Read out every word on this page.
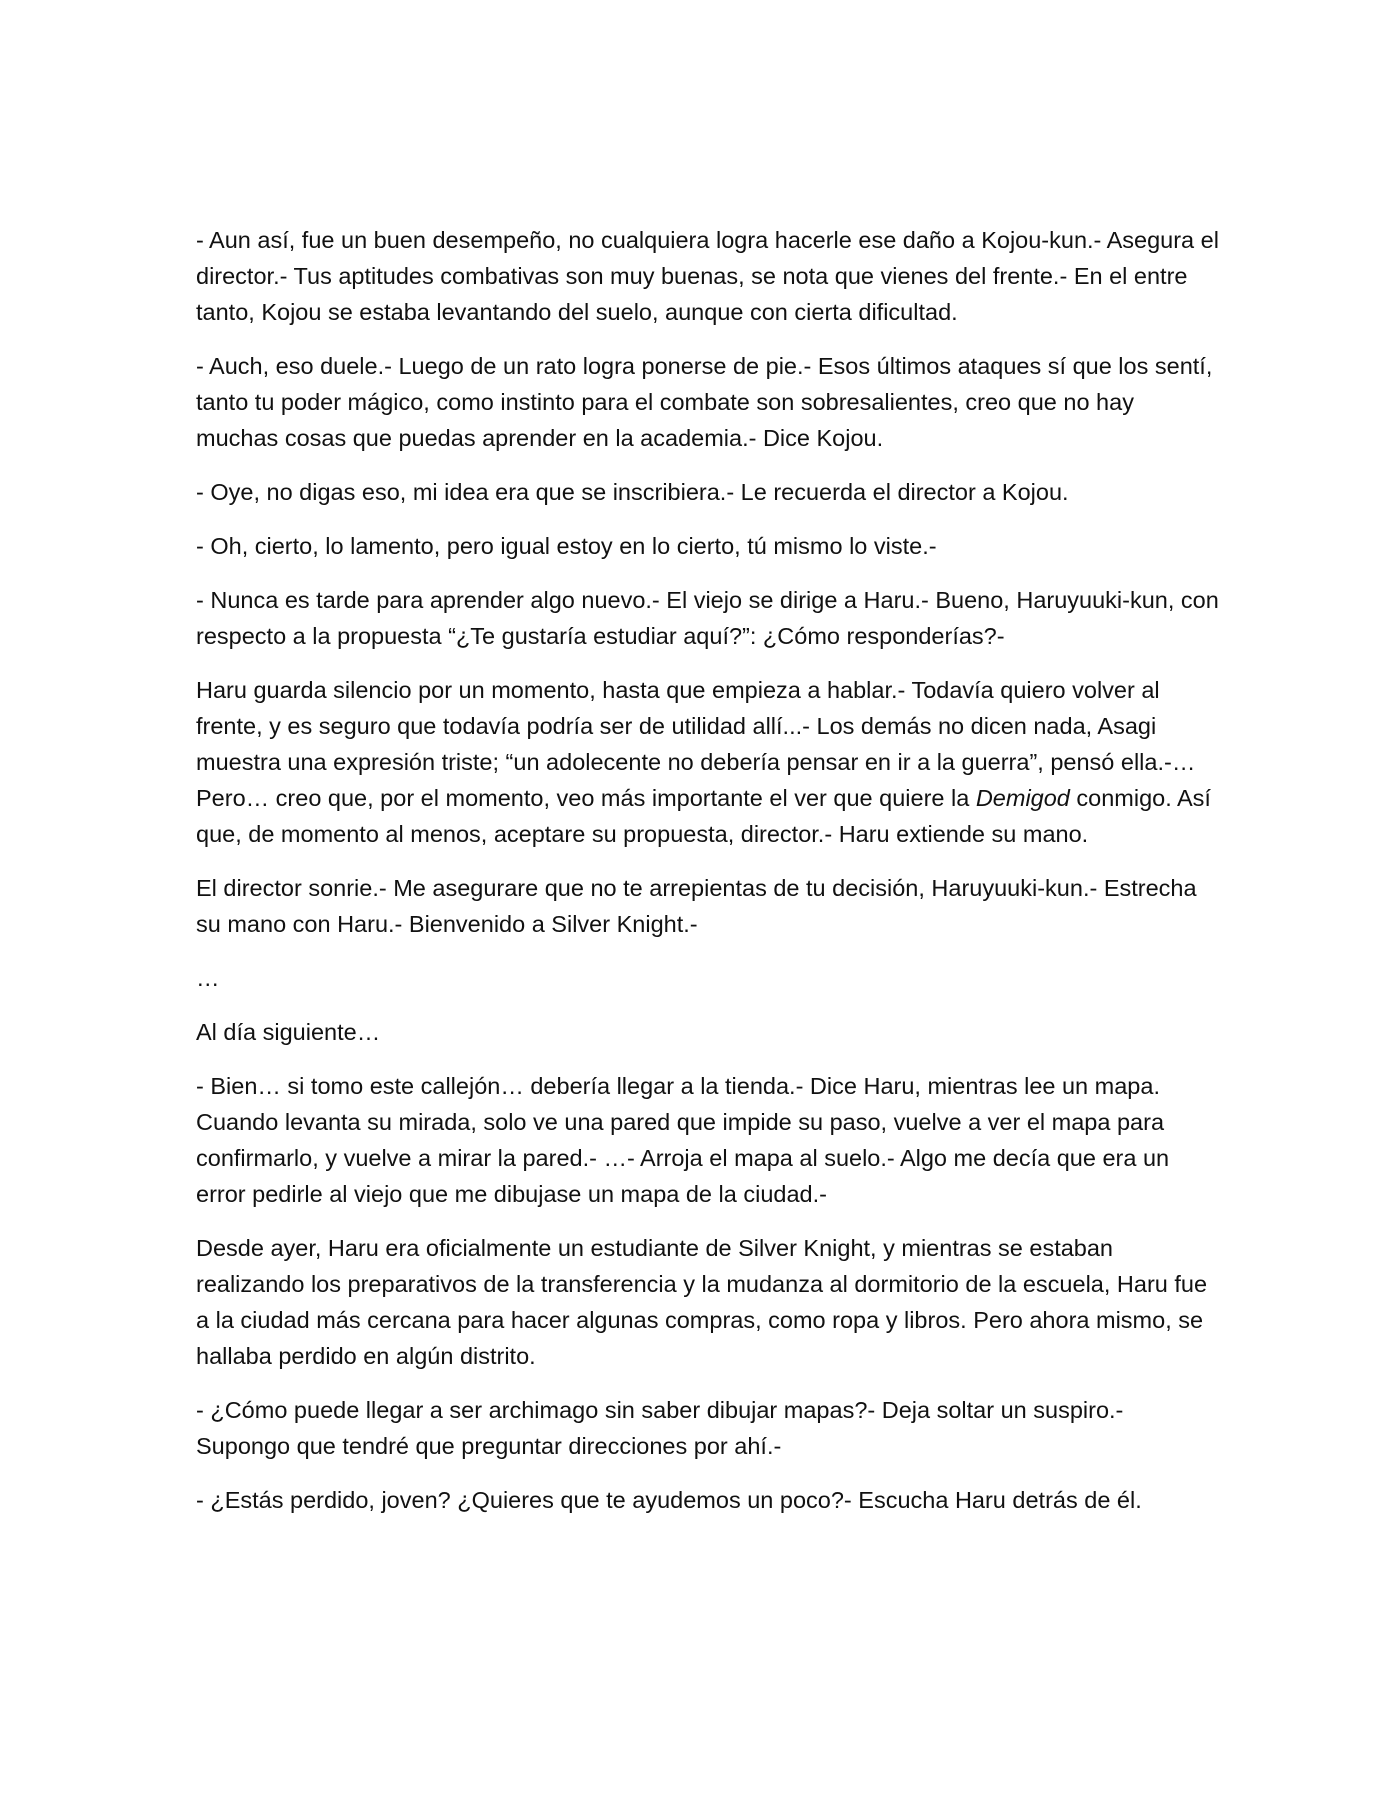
- Aun así, fue un buen desempeño, no cualquiera logra hacerle ese daño a Kojou-kun.- Asegura el director.- Tus aptitudes combativas son muy buenas, se nota que vienes del frente.- En el entre tanto, Kojou se estaba levantando del suelo, aunque con cierta dificultad.

- Auch, eso duele.- Luego de un rato logra ponerse de pie.- Esos últimos ataques sí que los sentí, tanto tu poder mágico, como instinto para el combate son sobresalientes, creo que no hay muchas cosas que puedas aprender en la academia.- Dice Kojou.

- Oye, no digas eso, mi idea era que se inscribiera.- Le recuerda el director a Kojou.

- Oh, cierto, lo lamento, pero igual estoy en lo cierto, tú mismo lo viste.-

- Nunca es tarde para aprender algo nuevo.- El viejo se dirige a Haru.- Bueno, Haruyuuki-kun, con respecto a la propuesta “¿Te gustaría estudiar aquí?”: ¿Cómo responderías?-

Haru guarda silencio por un momento, hasta que empieza a hablar.- Todavía quiero volver al frente, y es seguro que todavía podría ser de utilidad allí...- Los demás no dicen nada, Asagi muestra una expresión triste; “un adolecente no debería pensar en ir a la guerra”, pensó ella.-… Pero… creo que, por el momento, veo más importante el ver que quiere la Demigod conmigo. Así que, de momento al menos, aceptare su propuesta, director.- Haru extiende su mano.

El director sonrie.- Me asegurare que no te arrepientas de tu decisión, Haruyuuki-kun.- Estrecha su mano con Haru.- Bienvenido a Silver Knight.-

…

Al día siguiente…

- Bien… si tomo este callejón… debería llegar a la tienda.- Dice Haru, mientras lee un mapa. Cuando levanta su mirada, solo ve una pared que impide su paso, vuelve a ver el mapa para confirmarlo, y vuelve a mirar la pared.- …- Arroja el mapa al suelo.- Algo me decía que era un error pedirle al viejo que me dibujase un mapa de la ciudad.-

Desde ayer, Haru era oficialmente un estudiante de Silver Knight, y mientras se estaban realizando los preparativos de la transferencia y la mudanza al dormitorio de la escuela, Haru fue a la ciudad más cercana para hacer algunas compras, como ropa y libros. Pero ahora mismo, se hallaba perdido en algún distrito.

- ¿Cómo puede llegar a ser archimago sin saber dibujar mapas?- Deja soltar un suspiro.- Supongo que tendré que preguntar direcciones por ahí.-

- ¿Estás perdido, joven? ¿Quieres que te ayudemos un poco?- Escucha Haru detrás de él.
